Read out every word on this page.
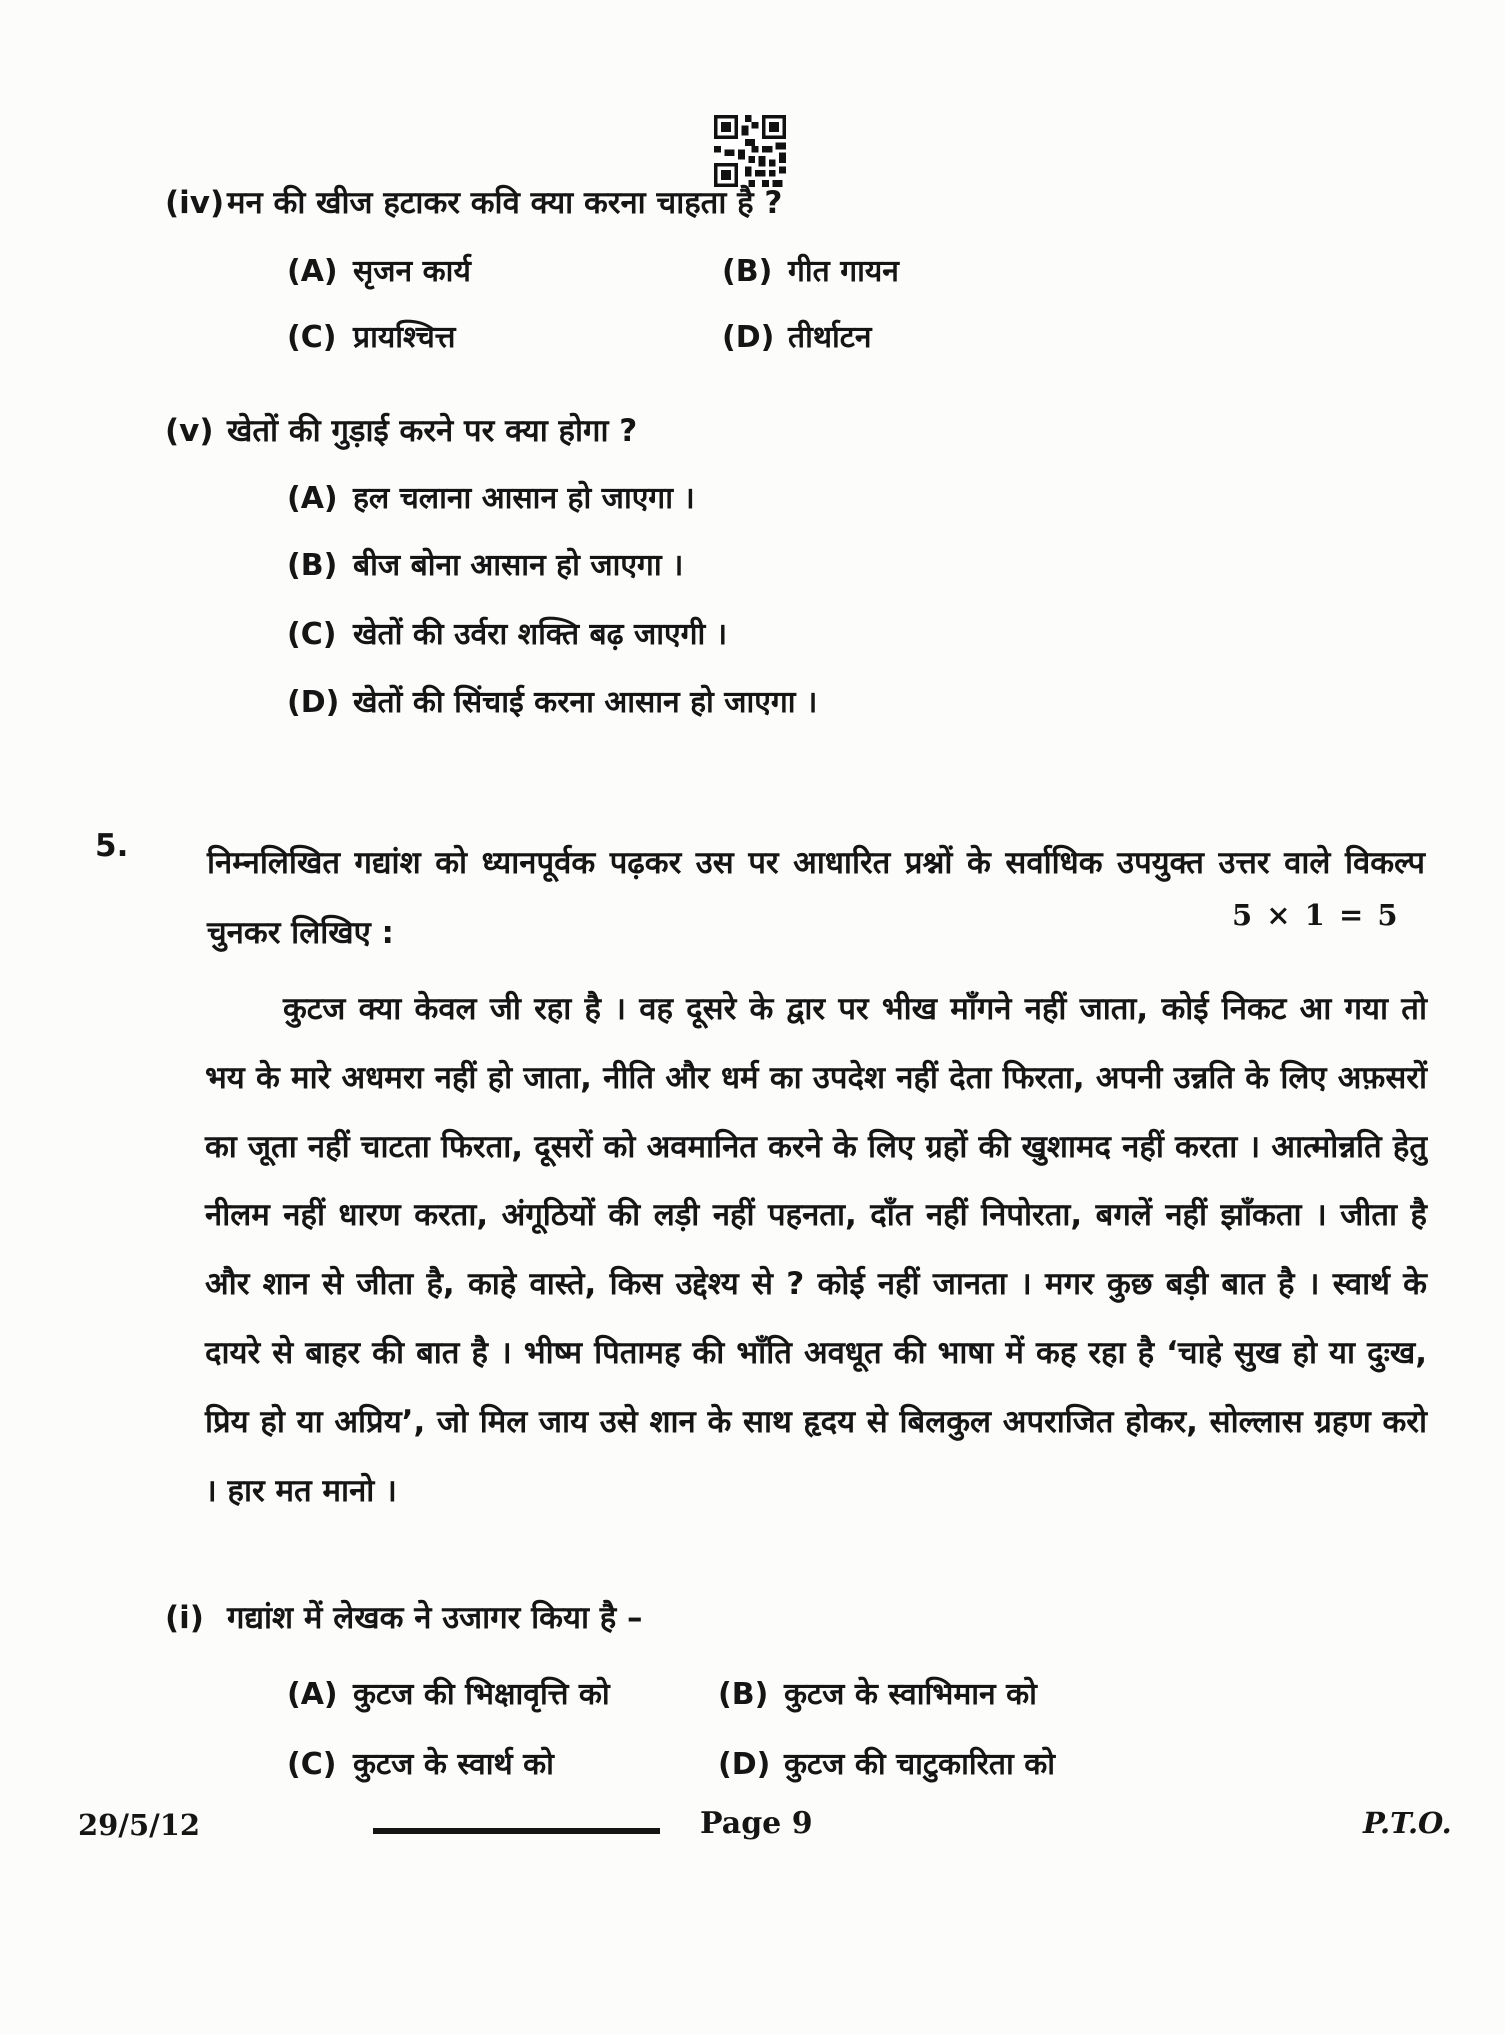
(iv) मन की खीज हटाकर कवि क्या करना चाहता है ?
(A) सृजन कार्य	(B) गीत गायन
(C) प्रायश्चित्त	(D) तीर्थाटन
(v) खेतों की गुड़ाई करने पर क्या होगा ?
(A) हल चलाना आसान हो जाएगा ।
(B) बीज बोना आसान हो जाएगा ।
(C) खेतों की उर्वरा शक्ति बढ़ जाएगी ।
(D) खेतों की सिंचाई करना आसान हो जाएगा ।
5.	निम्नलिखित गद्यांश को ध्यानपूर्वक पढ़कर उस पर आधारित प्रश्नों के सर्वाधिक उपयुक्त उत्तर वाले विकल्प चुनकर लिखिए :	5 × 1 = 5
कुटज क्या केवल जी रहा है । वह दूसरे के द्वार पर भीख माँगने नहीं जाता, कोई निकट आ गया तो भय के मारे अधमरा नहीं हो जाता, नीति और धर्म का उपदेश नहीं देता फिरता, अपनी उन्नति के लिए अफ़सरों का जूता नहीं चाटता फिरता, दूसरों को अवमानित करने के लिए ग्रहों की खुशामद नहीं करता । आत्मोन्नति हेतु नीलम नहीं धारण करता, अंगूठियों की लड़ी नहीं पहनता, दाँत नहीं निपोरता, बगलें नहीं झाँकता । जीता है और शान से जीता है, काहे वास्ते, किस उद्देश्य से ? कोई नहीं जानता । मगर कुछ बड़ी बात है । स्वार्थ के दायरे से बाहर की बात है । भीष्म पितामह की भाँति अवधूत की भाषा में कह रहा है ‘चाहे सुख हो या दुःख, प्रिय हो या अप्रिय’, जो मिल जाय उसे शान के साथ हृदय से बिलकुल अपराजित होकर, सोल्लास ग्रहण करो । हार मत मानो ।
(i) गद्यांश में लेखक ने उजागर किया है –
(A) कुटज की भिक्षावृत्ति को	(B) कुटज के स्वाभिमान को
(C) कुटज के स्वार्थ को	(D) कुटज की चाटुकारिता को
29/5/12	Page 9	P.T.O.
